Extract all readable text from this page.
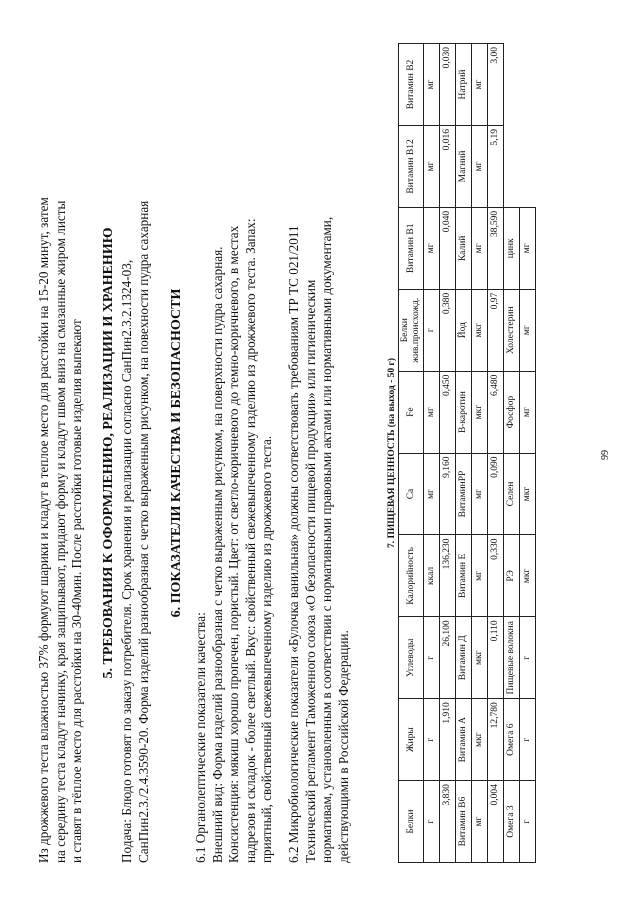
Из дрожжевого теста влажностью 37% формуют шарики и кладут в теплое место для расстойки на 15-20 минут, затем на середину теста кладут начинку, края защипывают, придают форму и кладут швом вниз на смазанные жиром листы и ставят в тёплое место для расстойки на 30-40мин. После расстойки готовые изделия выпекают 5. ТРЕБОВАНИЯ К ОФОРМЛЕНИЮ, РЕАЛИЗАЦИИ И ХРАНЕНИЮ Подача: Блюдо готовят по заказу потребителя. Срок хранения и реализации согласно СанПин2.3.2.1324-03, СанПин2.3./2.4.3590-20. Форма изделий разнообразная с четко выраженным рисунком, на повехности пудра сахарная 6. ПОКАЗАТЕЛИ КАЧЕСТВА И БЕЗОПАСНОСТИ

6.1 Органолептические показатели качества: Внешний вид: Форма изделий разнообразная с четко выраженным рисунком, на поверхности пудра сахарная. Консистенция: мякиш хорошо пропечен, пористый. Цвет: от светло-коричневого до темно-коричневого, в местах надрезов и складок - более светлый. Вкус: свойственный свежевыпеченному изделию из дрожжевого теста. Запах: приятный, свойственный свежевыпеченному изделию из дрожжевого теста. 6.2 Микробиологические показатели «Булочка ванильная» должны соответствовать требованиям ТР ТС 021/2011 Технический регламент Таможенного союза «О безопасности пищевой продукции» или гигиеническим нормативам, установленным в соответствии с нормативными правовыми актами или нормативными документами, действующими в Российской Федерации.

7. ПИЩЕВАЯ ЦЕННОСТЬ (на выход - 50 г)
Белки	Жиры	Углеводы	Калорийность	Ca	Fe	Белки жив.происхожд.	Витамин B1	Витамин B12	Витамин B2
г	г	г	ккал	мг	мг	г	мг	мг	мг
3,830	1,910	26,100	136,230	9,160	0,450	0,380	0,040	0,016	0,030
Витамин B6	Витамин А	Витамин Д	Витамин Е	ВитаминPP	B-каротин	Йод	Калий	Магний	Натрий
мг	мкг	мкг	мг	мг	мкг	мкг	мг	мг	мг
0,004	12,780	0,110	0,330	0,090	6,480	0,97	38,590	5,19	3,00
Омега 3	Омега 6	Пищевые волокна	РЭ	Селен	Фосфор	Холестерин	цинк		
г	г	г	мкг	мкг	мг	мг	мг		
99
